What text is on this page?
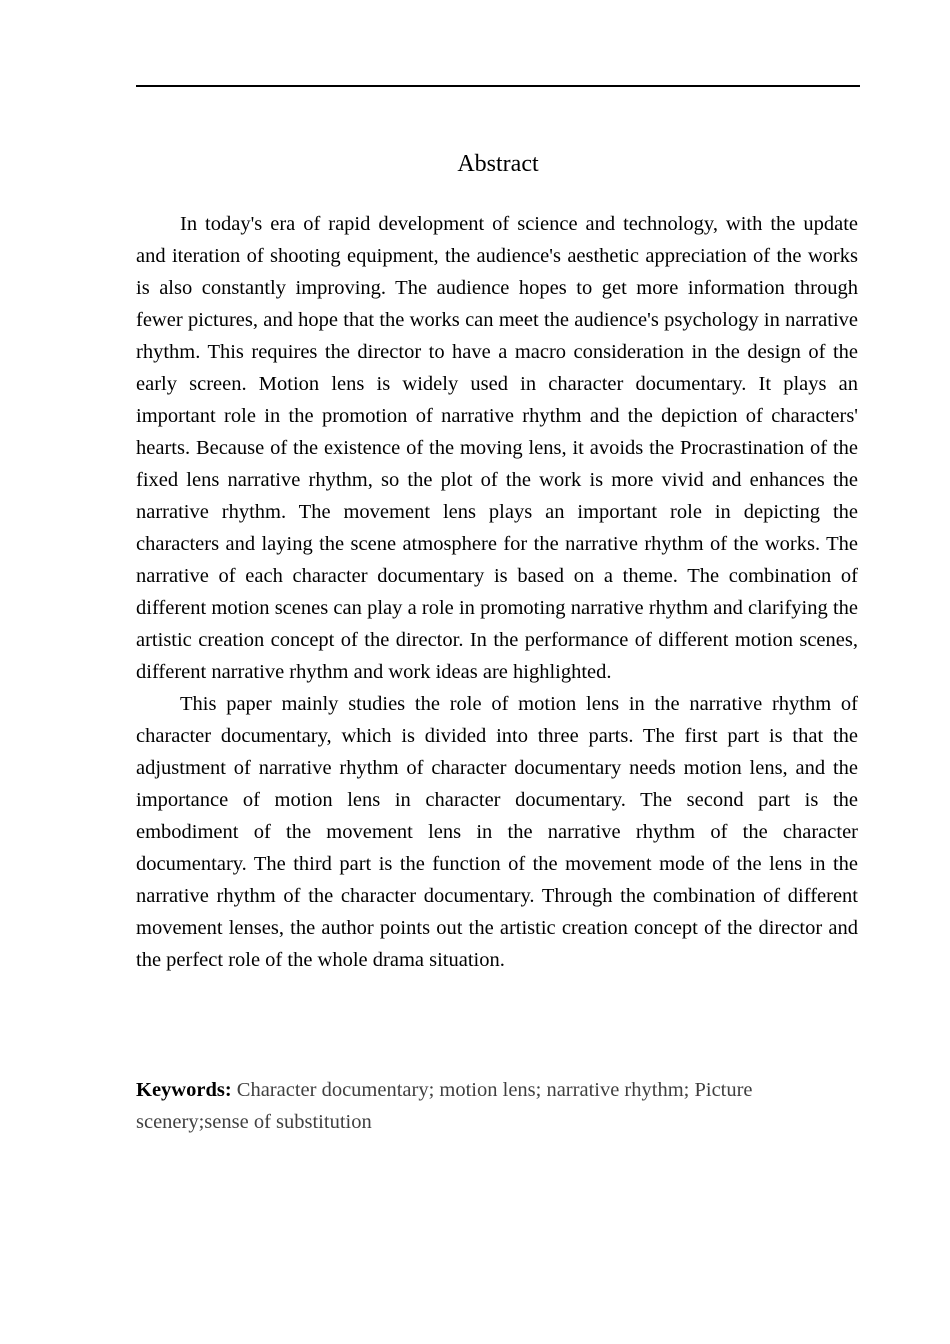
Abstract

In today's era of rapid development of science and technology, with the update and iteration of shooting equipment, the audience's aesthetic appreciation of the works is also constantly improving. The audience hopes to get more information through fewer pictures, and hope that the works can meet the audience's psychology in narrative rhythm. This requires the director to have a macro consideration in the design of the early screen. Motion lens is widely used in character documentary. It plays an important role in the promotion of narrative rhythm and the depiction of characters' hearts. Because of the existence of the moving lens, it avoids the Procrastination of the fixed lens narrative rhythm, so the plot of the work is more vivid and enhances the narrative rhythm. The movement lens plays an important role in depicting the characters and laying the scene atmosphere for the narrative rhythm of the works. The narrative of each character documentary is based on a theme. The combination of different motion scenes can play a role in promoting narrative rhythm and clarifying the artistic creation concept of the director. In the performance of different motion scenes, different narrative rhythm and work ideas are highlighted.

This paper mainly studies the role of motion lens in the narrative rhythm of character documentary, which is divided into three parts. The first part is that the adjustment of narrative rhythm of character documentary needs motion lens, and the importance of motion lens in character documentary. The second part is the embodiment of the movement lens in the narrative rhythm of the character documentary. The third part is the function of the movement mode of the lens in the narrative rhythm of the character documentary. Through the combination of different movement lenses, the author points out the artistic creation concept of the director and the perfect role of the whole drama situation.

Keywords: Character documentary; motion lens; narrative rhythm; Picture scenery;sense of substitution
